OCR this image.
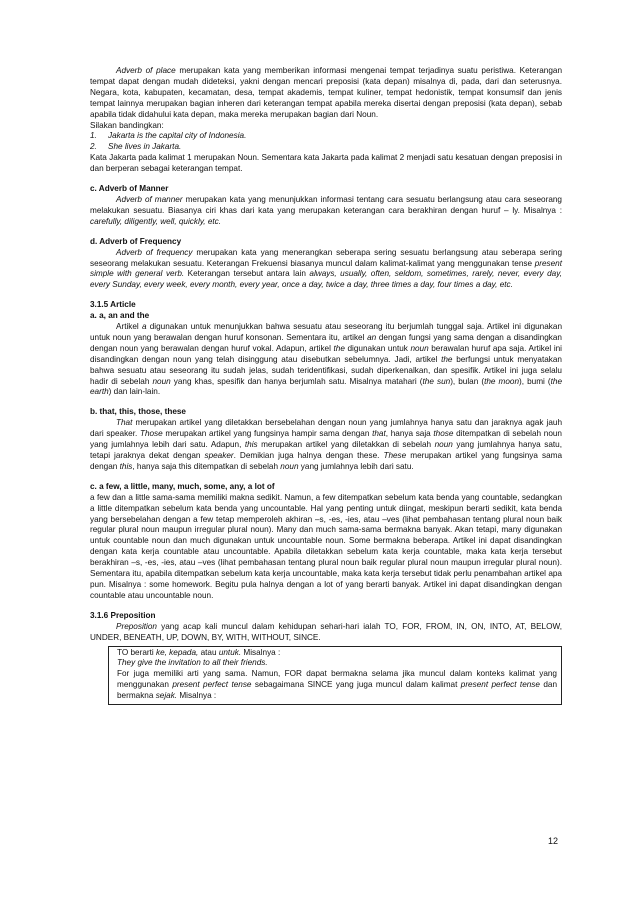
Adverb of place merupakan kata yang memberikan informasi mengenai tempat terjadinya suatu peristiwa. Keterangan tempat dapat dengan mudah dideteksi, yakni dengan mencari preposisi (kata depan) misalnya di, pada, dari dan seterusnya. Negara, kota, kabupaten, kecamatan, desa, tempat akademis, tempat kuliner, tempat hedonistik, tempat konsumsif dan jenis tempat lainnya merupakan bagian inheren dari keterangan tempat apabila mereka disertai dengan preposisi (kata depan), sebab apabila tidak didahului kata depan, maka mereka merupakan bagian dari Noun.

Silakan bandingkan:

1.	Jakarta is the capital city of Indonesia.
2.	She lives in Jakarta.

Kata Jakarta pada kalimat 1 merupakan Noun. Sementara kata Jakarta pada kalimat 2 menjadi satu kesatuan dengan preposisi in dan berperan sebagai keterangan tempat.

c. Adverb of Manner

Adverb of manner merupakan kata yang menunjukkan informasi tentang cara sesuatu berlangsung atau cara seseorang melakukan sesuatu. Biasanya ciri khas dari kata yang merupakan keterangan cara berakhiran dengan huruf – ly. Misalnya : carefully, diligently, well, quickly, etc.

d. Adverb of Frequency

Adverb of frequency merupakan kata yang menerangkan seberapa sering sesuatu berlangsung atau seberapa sering seseorang melakukan sesuatu. Keterangan Frekuensi biasanya muncul dalam kalimat-kalimat yang menggunakan tense present simple with general verb. Keterangan tersebut antara lain always, usually, often, seldom, sometimes, rarely, never, every day, every Sunday, every week, every month, every year, once a day, twice a day, three times a day, four times a day, etc.

3.1.5 Article

a. a, an and the

Artikel a digunakan untuk menunjukkan bahwa sesuatu atau seseorang itu berjumlah tunggal saja. Artikel ini digunakan untuk noun yang berawalan dengan huruf konsonan. Sementara itu, artikel an dengan fungsi yang sama dengan a disandingkan dengan noun yang berawalan dengan huruf vokal. Adapun, artikel the digunakan untuk noun berawalan huruf apa saja. Artikel ini disandingkan dengan noun yang telah disinggung atau disebutkan sebelumnya. Jadi, artikel the berfungsi untuk menyatakan bahwa sesuatu atau seseorang itu sudah jelas, sudah teridentifikasi, sudah diperkenalkan, dan spesifik. Artikel ini juga selalu hadir di sebelah noun yang khas, spesifik dan hanya berjumlah satu. Misalnya matahari (the sun), bulan (the moon), bumi (the earth) dan lain-lain.

b. that, this, those, these

That merupakan artikel yang diletakkan bersebelahan dengan noun yang jumlahnya hanya satu dan jaraknya agak jauh dari speaker. Those merupakan artikel yang fungsinya hampir sama dengan that, hanya saja those ditempatkan di sebelah noun yang jumlahnya lebih dari satu. Adapun, this merupakan artikel yang diletakkan di sebelah noun yang jumlahnya hanya satu, tetapi jaraknya dekat dengan speaker. Demikian juga halnya dengan these. These merupakan artikel yang fungsinya sama dengan this, hanya saja this ditempatkan di sebelah noun yang jumlahnya lebih dari satu.

c. a few, a little, many, much, some, any, a lot of

a few dan a little sama-sama memiliki makna sedikit. Namun, a few ditempatkan sebelum kata benda yang countable, sedangkan a little ditempatkan sebelum kata benda yang uncountable. Hal yang penting untuk diingat, meskipun berarti sedikit, kata benda yang bersebelahan dengan a few tetap memperoleh akhiran –s, -es, -ies, atau –ves (lihat pembahasan tentang plural noun baik regular plural noun maupun irregular plural noun). Many dan much sama-sama bermakna banyak. Akan tetapi, many digunakan untuk countable noun dan much digunakan untuk uncountable noun. Some bermakna beberapa. Artikel ini dapat disandingkan dengan kata kerja countable atau uncountable. Apabila diletakkan sebelum kata kerja countable, maka kata kerja tersebut berakhiran –s, -es, -ies, atau –ves (lihat pembahasan tentang plural noun baik regular plural noun maupun irregular plural noun). Sementara itu, apabila ditempatkan sebelum kata kerja uncountable, maka kata kerja tersebut tidak perlu penambahan artikel apa pun. Misalnya : some homework. Begitu pula halnya dengan a lot of yang berarti banyak. Artikel ini dapat disandingkan dengan countable atau uncountable noun.

3.1.6 Preposition

Preposition yang acap kali muncul dalam kehidupan sehari-hari ialah TO, FOR, FROM, IN, ON, INTO, AT, BELOW, UNDER, BENEATH, UP, DOWN, BY, WITH, WITHOUT, SINCE.

TO berarti ke, kepada, atau untuk. Misalnya :

They give the invitation to all their friends.

For juga memiliki arti yang sama. Namun, FOR dapat bermakna selama jika muncul dalam konteks kalimat yang menggunakan present perfect tense sebagaimana SINCE yang juga muncul dalam kalimat present perfect tense dan bermakna sejak. Misalnya :

12
